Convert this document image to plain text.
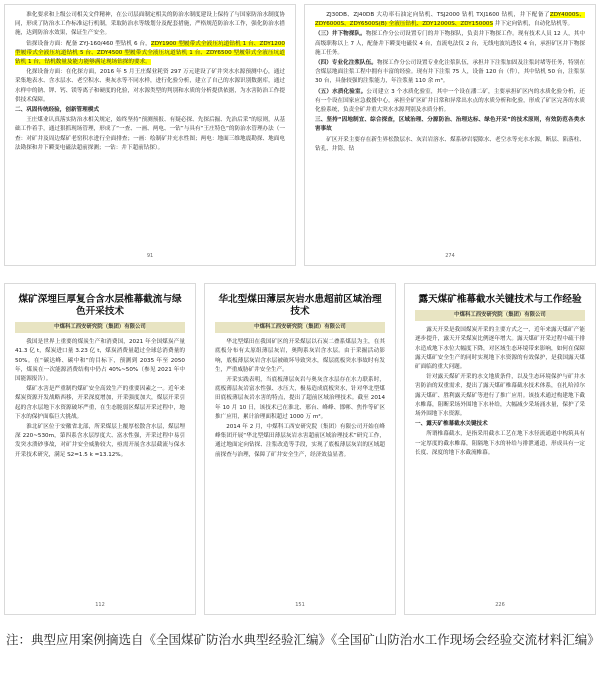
准化要求和上级公司相关文件精神，在公司层面制定相关的防治水制度建设上保持了与国家防治水制度协同，形成了防治水工作标准运行机制，采取防治水等级划分及配套措施，严格规范防治水工作，强化防治水措施，达到防治水效果，保证生产安全。

钻探设备方面：配备 ZYJ-160/460 型钻机 6 台，ZDY1900 型履带式全液压坑道钻机 1 台、ZDY1200 型履带式全液压坑道钻机 5 台、ZDY4500 型履带式全液压坑道钻机 1 台、ZDY6500 型履带式全液压坑道钻机 1 台，钻机数量及能力能够满足现场钻探的要求。

化探设备方面：在化探方面，2016 年 5 月王庄煤业耗资 297 万元建设了矿井突水水源预测中心，通过采集地表水、含水层水、老空积水、奥灰水等不同水样，进行化验分析，建立了自己的水源识别数据库，通过水样中的钠、钾、钙、镁等离子和硬度的化验，对水源类型的判别和水质的分析提供依据，为水害防治工作提供技术保障。

二、巩固传统经验，创新管理模式

王庄煤业认真落实防治水相关规定，始终坚持“预测预报、有疑必探、先探后掘、先治后采”的原则，从基础工作着手，通过狠抓现场管理，形成了“一查、一画、两电、一钻”与具有“王庄特色”的防治水管理办法（一查：对矿井及周边煤矿老窑积水进行全面排查；一画：绘制矿井充水性图；两电：地面三维地震勘探、地面电法勘探和井下瞬变电磁法超前探测；一钻：井下超前钻探）。

91

ZJ30DB、ZJ40DB 大功率石油定向钻机、TSJ2000 钻机 TXJ1600 钻机，井下配备了ZDY4000S、ZDY6000S、ZDY6500S(B) 全液压钻机、ZDY12000S、ZDY15000S 井下定向钻机，自动化钻机等。

（三）井下物探队。物探工作分公司设置专门的井下物探队，负责井下物探工作。现有技术人员 12 人，其中高级职称以上 7 人，配备井下瞬变电磁仪 4 台，直流电法仪 2 台，无线电波坑透仪 4 台，承担矿区井下物探施工任务。

（四）专业化注浆队伍。物探工作分公司设置专业化注浆队伍，承担井下注浆加固及注浆封堵等任务，特别在含煤层地面注浆工程中拥有丰富的经验。现有井下注浆 75 人，设备 120 台（件），其中钻机 50 台，注浆泵 30 台，具备较强的注浆能力，年注浆量 110 余 m³。

（五）水质化验室。公司建立 3 个水质化验室，其中一个设在潘二矿，主要承担矿区内的水质化验分析，还有一个设在国家应急救援中心，承担全矿区矿井日常和异常出水点的水质分析和化验，形成了矿区完善的水质化验系统，负责全矿井重大突水水源判别及水质分析。

三、坚持“因地制宜、综合探查，区域治理、分源防治、治理达标、绿色开采”的技术原则，有效防范各类水害事故

矿区开采主要存在新生界松散层水、灰岩岩溶水、煤系砂岩裂隙水、老空水等充水水源，断层、陷落柱、钻孔、井筒、钻

274
煤矿深埋巨厚复合含水层椎幕截流与绿色开采技术
中煤科工西安研究院（集团）有限公司

我国是世界上重要的煤炭生产和消费国，2021 年全国煤炭产量 41.3 亿 t，煤炭进口量 3.23 亿 t，煤炭消费量超过全球总消费量的 50%。在“碳达峰、碳中和”的目标下，预测到 2035 年至 2050 年，煤炭在一次能源消费结构中仍占 40%~50%（参见 2021 年中国能源报告）。

煤矿水害是严重制约煤矿安全高效生产的重要因素之一。近年来煤炭资源开发战略西移，开采深度增加，开采强度加大，煤层开采引起的含水层地下水资源破坏严重，在生态脆弱区煤层开采过程中，地下水的保护面临巨大挑战。

淮北矿区位于安徽省北部，所采煤层上覆厚松散含水层，煤层埋深 220~530m，第四系含水层厚度大、富水性强，开采过程中易引发突水溃砂事故，对矿井安全威胁较大，亟需开展含水层截流与保水开采技术研究，满足 S2=1.5 k =13.12%。

112
华北型煤田薄层灰岩水患超前区域治理技术
中煤科工西安研究院（集团）有限公司

华北型煤田在我国矿区的开采煤层以石炭二叠系煤层为主，在其底板分布有太原组薄层灰岩，奥陶系灰岩含水层。由于采掘活动影响，底板薄层灰岩含水层被破坏导致突水，煤层底板突水事故时有发生，严重威胁矿井安全生产。

开采实践表明，当底板薄层灰岩与奥灰含水层存在水力联系时，底板薄层灰岩富水性强、水压大，极易造成底板突水，针对华北型煤田底板薄层灰岩水害的特点，提出了超前区域治理技术。截至 2014 年 10 月 10 日，该技术已在淮北、邢台、峰峰、邯郸、焦作等矿区推广应用，累计治理面积超过 1000 万 m²。

2014 年 2 月，中煤科工西安研究院（集团）有限公司开始在峰峰集团开展“华北型煤田薄层灰岩水害超前区域治理技术”研究工作，通过地面定向钻探、注浆改造等手段，实现了底板薄层灰岩的区域超前探查与治理，保障了矿井安全生产，经济效益显著。

151
露天煤矿椎幕截水关键技术与工作经验
中煤科工西安研究院（集团）有限公司

露天开采是我国煤炭开采的主要方式之一，近年来露天煤矿产能逐步提升，露天开采煤炭比例逐年增大。露天煤矿开采过程中疏干排水造成地下水位大幅度下降，对区域生态环境带来影响，如何在保障露天煤矿安全生产的同时实现地下水资源的有效保护，是我国露天煤矿面临的重大问题。

针对露天煤矿开采的水文地质条件，以及生态环境保护与矿井水害防治的双重需求，提出了露天煤矿椎幕截水技术体系，在扎哈淖尔露天煤矿、胜利露天煤矿等进行了推广应用。该技术通过构建地下截水帷幕，阻断采场外围地下水补给，大幅减少采场涌水量，保护了采场外围地下水资源。

一、露天矿椎幕截水关键技术

所谓椎幕截水，是指采用截水工艺在地下水径流通道中构筑具有一定厚度的截水帷幕，阻隔地下水的补给与排泄通道，形成具有一定长度、深度的地下水截流帷幕。

226
注：典型应用案例摘选自《全国煤矿防治水典型经验汇编》《全国矿山防治水工作现场会经验交流材料汇编》
